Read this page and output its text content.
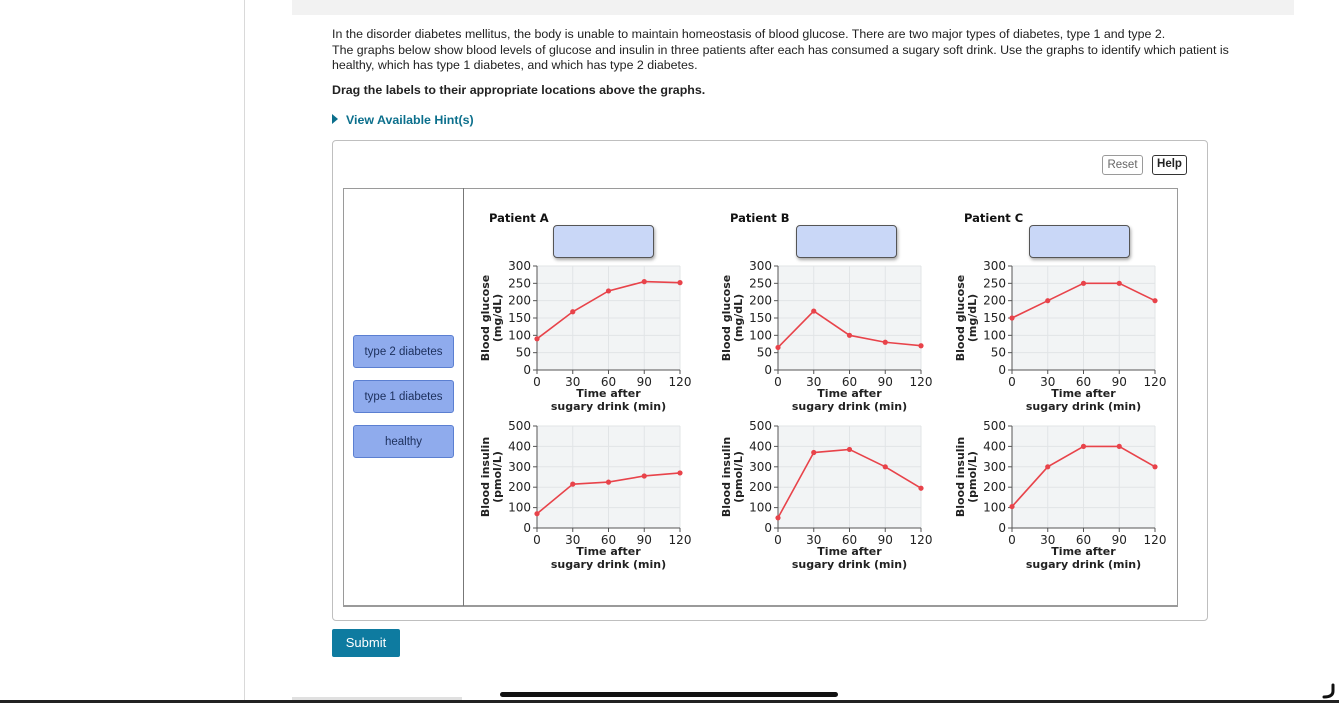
In the disorder diabetes mellitus, the body is unable to maintain homeostasis of blood glucose. There are two major types of diabetes, type 1 and type 2.

The graphs below show blood levels of glucose and insulin in three patients after each has consumed a sugary soft drink. Use the graphs to identify which patient is healthy, which has type 1 diabetes, and which has type 2 diabetes.

Drag the labels to their appropriate locations above the graphs.
View Available Hint(s)
Reset	Help
type 2 diabetes
type 1 diabetes
healthy
Patient A	Patient B	Patient C
0 30 60 90 120
0
50
100
150
200
250
300
Time after
sugary drink (min)
Blood glucose (mg/dL)
0 30 60 90 120
0
50
100
150
200
250
300
Time after
sugary drink (min)
Blood glucose (mg/dL)
0 30 60 90 120
0
50
100
150
200
250
300
Time after
sugary drink (min)
Blood glucose (mg/dL)
0 30 60 90 120
0
100
200
300
400
500
Time after
sugary drink (min)
Blood insulin (pmol/L)
0 30 60 90 120
0
100
200
300
400
500
Time after
sugary drink (min)
Blood insulin (pmol/L)
0 30 60 90 120
0
100
200
300
400
500
Time after
sugary drink (min)
Blood insulin (pmol/L)
Submit
